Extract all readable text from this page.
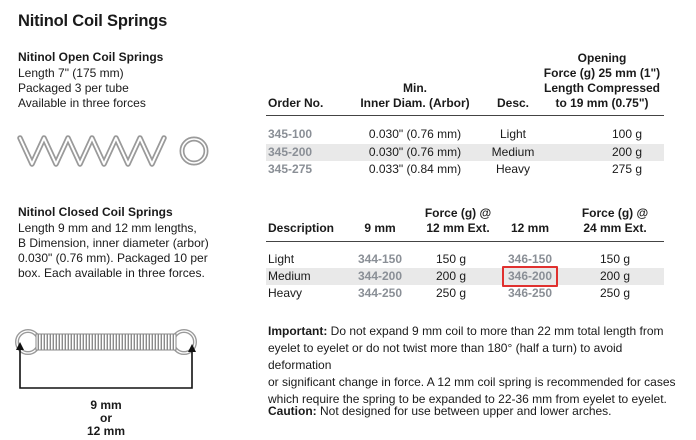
Nitinol Coil Springs
Nitinol Open Coil Springs
Length 7" (175 mm)
Packaged 3 per tube
Available in three forces	Order No.
Min.
Inner Diam. (Arbor)	Desc.
Opening
Force (g) 25 mm (1")
Length Compressed
to 19 mm (0.75")
345-100	0.030" (0.76 mm)	Light	100 g
345-200	0.030" (0.76 mm)	Medium	200 g
345-275	0.033" (0.84 mm)	Heavy	275 g
Nitinol Closed Coil Springs
Length 9 mm and 12 mm lengths,
B Dimension, inner diameter (arbor)
0.030" (0.76 mm). Packaged 10 per
box. Each available in three forces.
9 mm
or
12 mm
Description	9 mm
Force (g) @
12 mm Ext.	12 mm
Force (g) @
24 mm Ext.
Light	344-150	150 g	346-150	150 g
Medium	344-200	200 g	346-200	200 g
Heavy	344-250	250 g	346-250	250 g
Important: Do not expand 9 mm coil to more than 22 mm total length from
eyelet to eyelet or do not twist more than 180° (half a turn) to avoid deformation
or significant change in force. A 12 mm coil spring is recommended for cases
which require the spring to be expanded to 22-36 mm from eyelet to eyelet.
Caution: Not designed for use between upper and lower arches.
